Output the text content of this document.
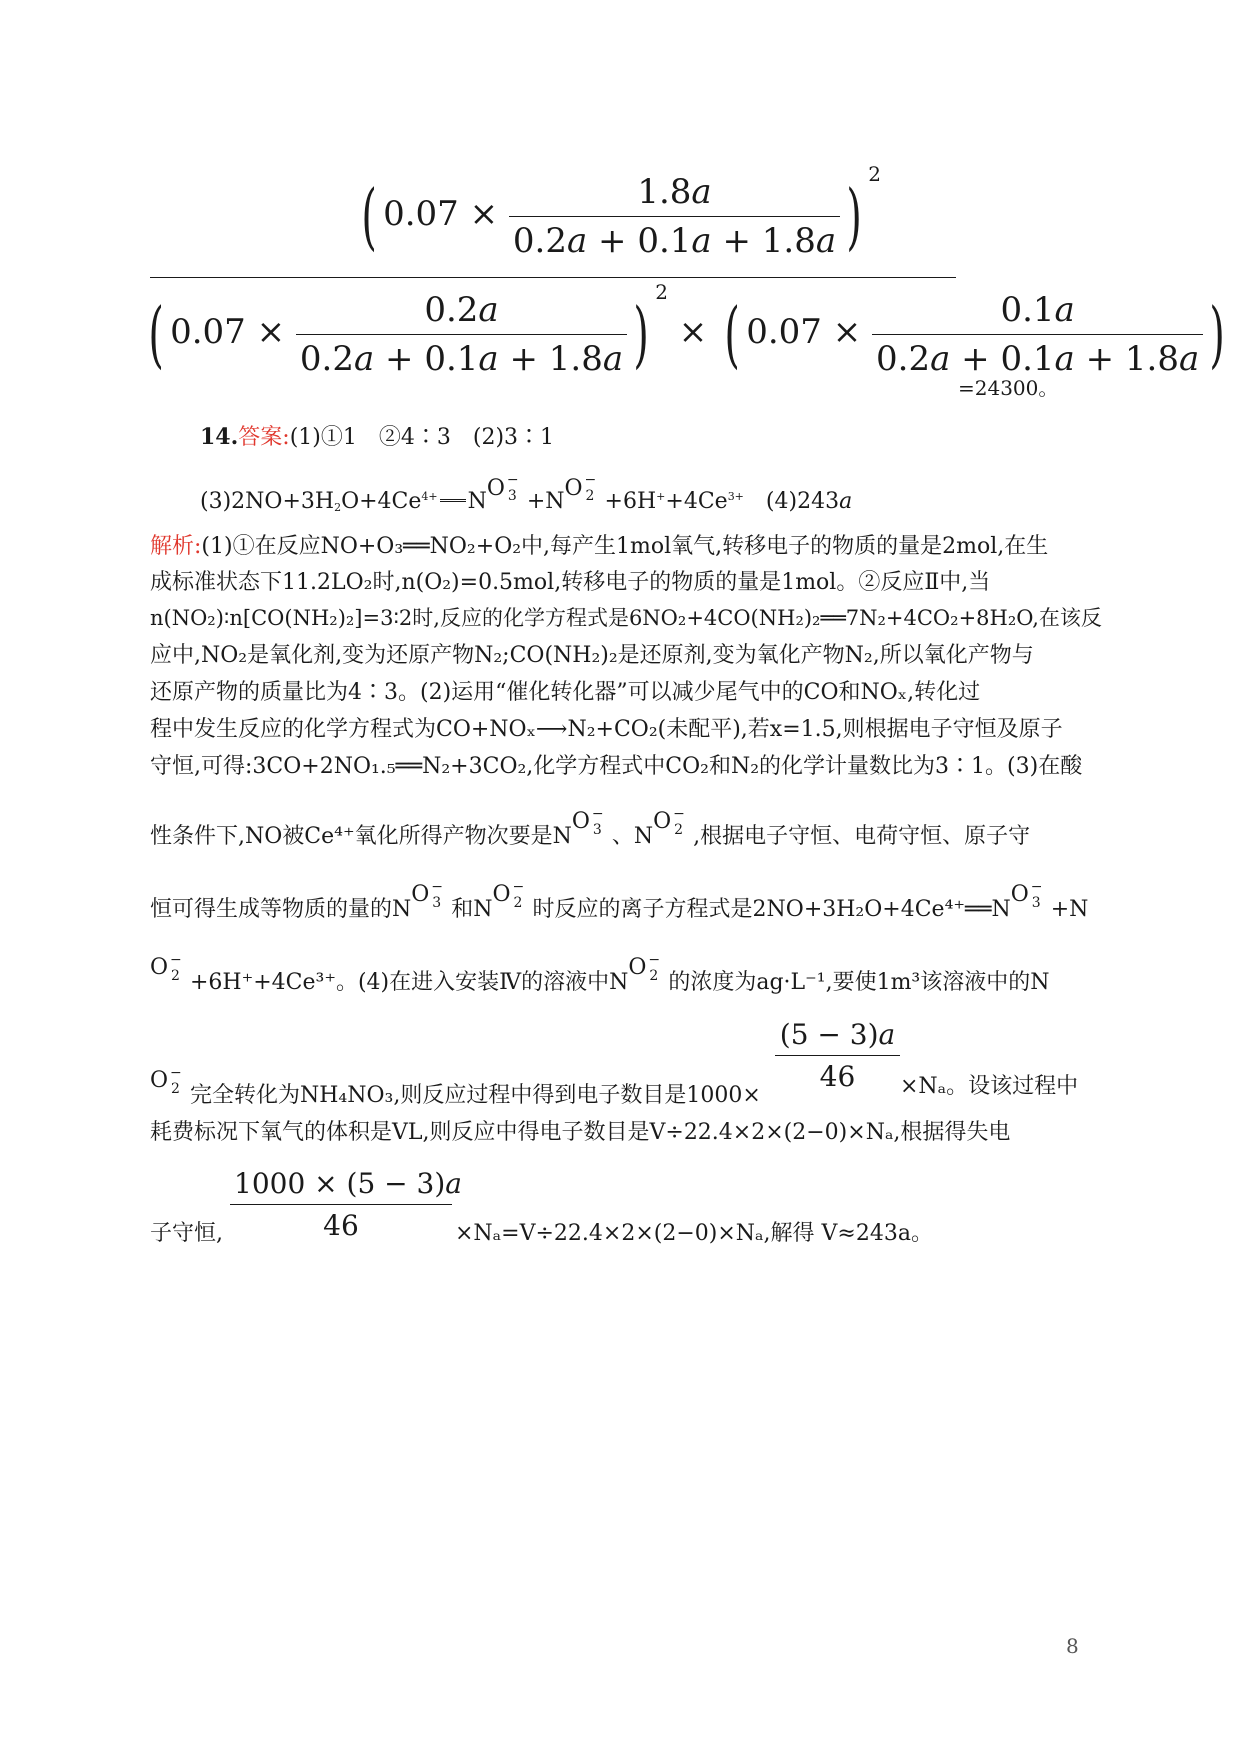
( $0.07 \times \frac{\text{1.8𝑎}}{\text{0.2𝑎 + 0.1𝑎 + 1.8𝑎}}$ ) $^2$
( $0.07 \times \frac{\text{0.2𝑎}}{\text{0.2𝑎 + 0.1𝑎 + 1.8𝑎}}$ ) $^2$ × ( $0.07 \times \frac{\text{0.1𝑎}}{\text{0.2𝑎 + 0.1𝑎 + 1.8𝑎}}$ )
=24300。
14.答案:(1)①1　②4∶3　(2)3∶1
$(3)2NO+3H_2O+4Ce^{4+}$ N
O −
3 +N
O −
$2 +6H^++4Ce^{3+}$　(4)243a
解析:(1)①在反应NO+O₃══NO₂+O₂中,每产生1mol氧气,转移电子的物质的量是2mol,在生
成标准状态下11.2LO₂时,n(O₂)=0.5mol,转移电子的物质的量是1mol。②反应Ⅱ中,当
n(NO₂)∶n[CO(NH₂)₂]=3∶2时,反应的化学方程式是6NO₂+4CO(NH₂)₂══7N₂+4CO₂+8H₂O,在该反
应中,NO₂是氧化剂,变为还原产物N₂;CO(NH₂)₂是还原剂,变为氧化产物N₂,所以氧化产物与
还原产物的质量比为4∶3。(2)运用“催化转化器”可以减少尾气中的CO和NOₓ,转化过
程中发生反应的化学方程式为CO+NOₓ⟶N₂+CO₂(未配平),若x=1.5,则根据电子守恒及原子
守恒,可得:3CO+2NO₁.₅══N₂+3CO₂,化学方程式中CO₂和N₂的化学计量数比为3∶1。(3)在酸
性条件下,NO被Ce⁴⁺氧化所得产物次要是N
O −
3 、N
O −
2 ,根据电子守恒、电荷守恒、原子守
恒可得生成等物质的量的N
O −
3 和N
O −
2 时反应的离子方程式是2NO+3H₂O+4Ce⁴⁺══N
O −
3 +N
O −
2 +6H⁺+4Ce³⁺。(4)在进入安装Ⅳ的溶液中N
O −
2 的浓度为ag·L⁻¹,要使1m³该溶液中的N
O −
2 完全转化为NH₄NO₃,则反应过程中得到电子数目是1000×
$\frac{\text{(5 − 3)𝑎}}{46} \times N_a$。设该过程中
耗费标况下氧气的体积是VL,则反应中得电子数目是V÷22.4×2×(2−0)×Nₐ,根据得失电
子守恒, $\frac{\text{1000 × (5 − 3)𝑎}}{46} \times N_a=V\div 22.4\times 2\times(2-0)\times N_a$,解得 V≈243a。
8
